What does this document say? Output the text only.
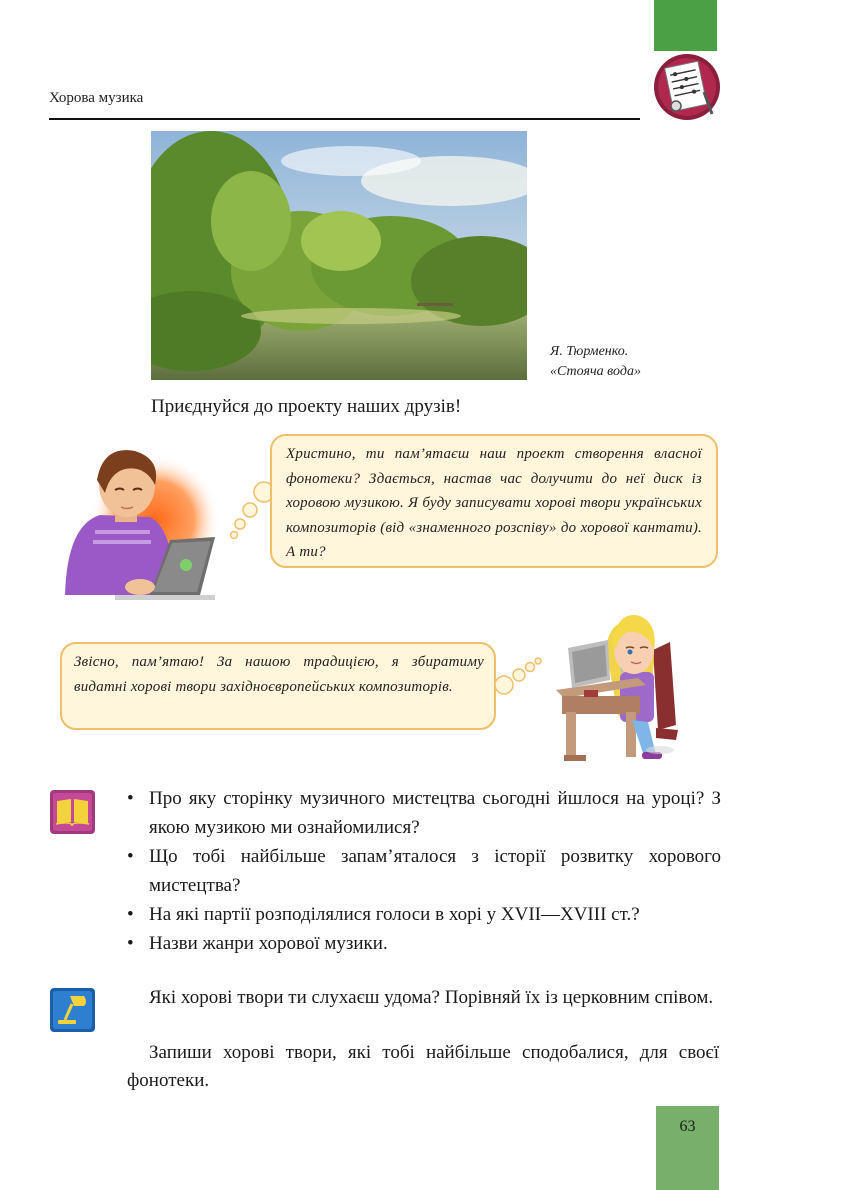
Хорова музика
Я. Тюрменко.
«Стояча вода»
Приєднуйся до проекту наших друзів!
Христино, ти пам’ятаєш наш проект створення власної фонотеки? Здається, настав час долучити до неї диск із хоровою музикою. Я буду записувати хорові твори українських композиторів (від «знаменного розспіву» до хорової кантати). А ти?
Звісно, пам’ятаю! За нашою традицією, я збиратиму видатні хорові твори західноєвропейських композиторів.
• Про яку сторінку музичного мистецтва сьогодні йшлося на уроці? З якою музикою ми ознайомилися?
• Що тобі найбільше запам’яталося з історії розвитку хорового мистецтва?
• На які партії розподілялися голоси в хорі у XVII—XVIII ст.?
• Назви жанри хорової музики.
Які хорові твори ти слухаєш удома? Порівняй їх із церковним співом.
Запиши хорові твори, які тобі найбільше сподобалися, для своєї фонотеки.
63
